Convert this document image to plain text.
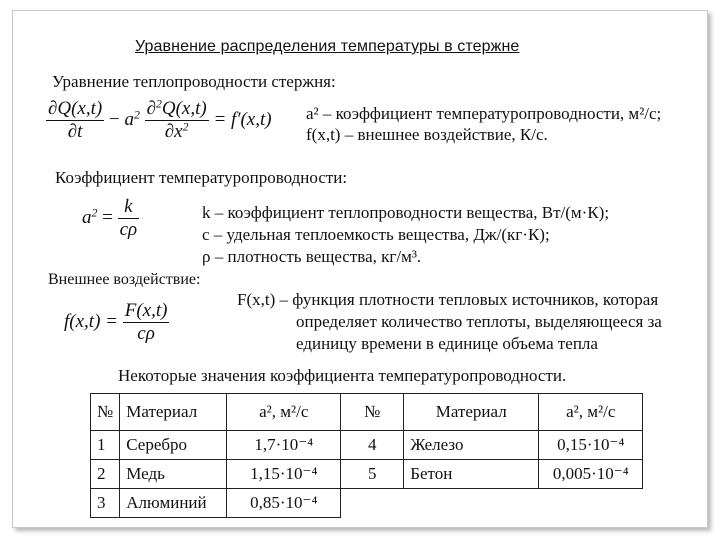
Уравнение распределения температуры в стержне
Уравнение теплопроводности стержня:
$\frac{\partial Q(x,t)}{\partial t} - a^2 \frac{\partial^2Q(x,t)}{\partial x^2} = f'(x,t)$ a² – коэффициент температуропроводности, м²/с;
f(x,t) – внешнее воздействие, К/с.
Коэффициент температуропроводности:
$a^2 = \frac{k}{c\rho}$	k – коэффициент теплопроводности вещества, Вт/(м·К);
c – удельная теплоемкость вещества, Дж/(кг·К);
ρ – плотность вещества, кг/м³.
Внешнее воздействие:
$f(x,t) = \frac{F(x,t)}{c\rho}$
F(x,t) – функция плотности тепловых источников, которая
определяет количество теплоты, выделяющееся за
единицу времени в единице объема тепла
Некоторые значения коэффициента температуропроводности.
№	Материал	a², м²/с	№	Материал	a², м²/с
1	Серебро	1,7·10⁻⁴	4	Железо	0,15·10⁻⁴
2	Медь	1,15·10⁻⁴	5	Бетон	0,005·10⁻⁴
3	Алюминий	0,85·10⁻⁴			
